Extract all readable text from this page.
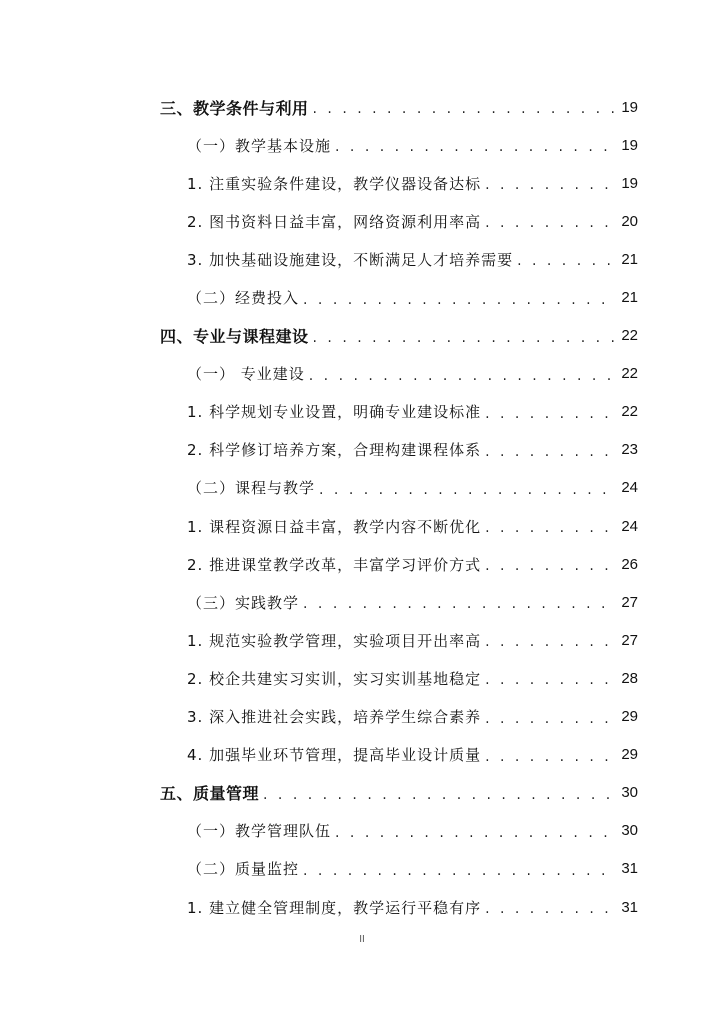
三、教学条件与利用 . . .	19
（一）教学基本设施 . . .	19
1. 注重实验条件建设，教学仪器设备达标 . . .	19
2. 图书资料日益丰富，网络资源利用率高 . . .	20
3. 加快基础设施建设，不断满足人才培养需要 . . .	21
（二）经费投入 . . .	21
四、专业与课程建设 . . .	22
（一） 专业建设 . . .	22
1. 科学规划专业设置，明确专业建设标准 . . .	22
2. 科学修订培养方案，合理构建课程体系 . . .	23
（二）课程与教学 . . .	24
1. 课程资源日益丰富，教学内容不断优化 . . .	24
2. 推进课堂教学改革，丰富学习评价方式 . . .	26
（三）实践教学 . . .	27
1. 规范实验教学管理，实验项目开出率高 . . .	27
2. 校企共建实习实训，实习实训基地稳定 . . .	28
3. 深入推进社会实践，培养学生综合素养 . . .	29
4. 加强毕业环节管理，提高毕业设计质量 . . .	29
五、质量管理 . . .	30
（一）教学管理队伍 . . .	30
（二）质量监控 . . .	31
1. 建立健全管理制度，教学运行平稳有序 . . .	31
II
